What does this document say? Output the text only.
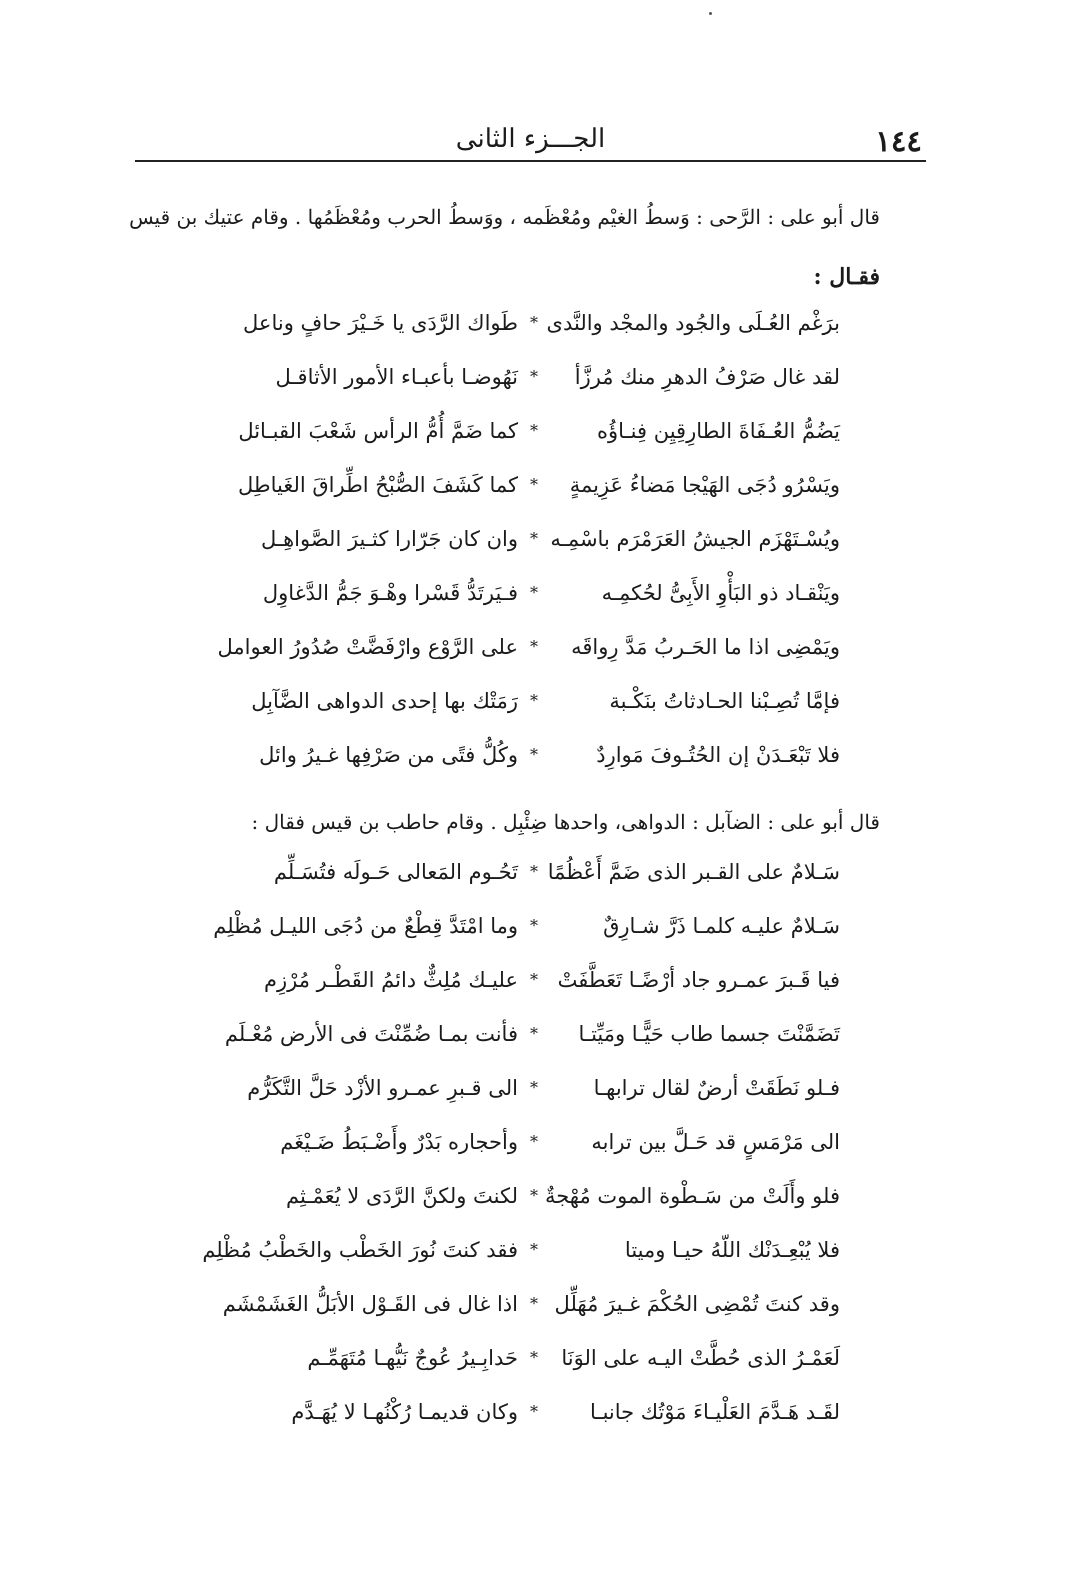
١٤٤
الجـــزء الثانى
قال أبو على : الرَّحى : وَسطُ الغيْم ومُعْظَمه ، ووَسطُ الحرب ومُعْظَمُها . وقام عتيك بن قيس
فقـال :
برَغْم العُـلَى والجُود والمجْد والنَّدى
*
طَواك الرَّدَى يا خَـيْرَ حافٍ وناعل
لقد غال صَرْفُ الدهرِ منك مُرزَّأ
*
نَهُوضـا بأعبـاء الأمور الأثاقـل
يَضُمُّ العُـفَاةَ الطارِقِيِن فِنـاؤُه
*
كما ضَمَّ أُمُّ الرأس شَعْبَ القبـائل
ويَسْرُو دُجَى الهَيْجا مَضاءُ عَزِيمةٍ
*
كما كَشَفَ الصُّبْحُ اطِّراقَ الغَياطِل
ويُسْـتَهْزَم الجيشُ العَرَمْرَم باسْمِـه
*
وان كان جَرّارا كثـيرَ الصَّواهِـل
ويَنْقـاد ذو البَأْوِ الأَبِىُّ لحُكمِـه
*
فـيَرتَدُّ قَسْرا وهْـوَ جَمُّ الدَّغاوِل
ويَمْضِى اذا ما الحَـربُ مَدَّ رِواقَه
*
على الرَّوْع وارْفَضَّتْ صُدُورُ العوامل
فإمَّا تُصِـبْنا الحـادثاتُ بنَكْـبة
*
رَمَتْك بها إحدى الدواهى الضَّآبِل
فلا تَبْعَـدَنْ إن الحُتُـوفَ مَوارِدٌ
*
وكُلُّ فتًى من صَرْفِها غـيرُ وائل
قال أبو على : الضآبل : الدواهى، واحدها ضِئْبِل . وقام حاطب بن قيس فقال :
سَـلامٌ على القـبر الذى ضَمَّ أَعْظُمًا
*
تَحُـوم المَعالى حَـولَه فتُسَـلِّم
سَـلامٌ عليـه كلمـا ذَرَّ شـارِقٌ
*
وما امْتَدَّ قِطْعٌ من دُجَى الليـل مُظْلِم
فيا قَـبرَ عمـرو جاد أرْضًـا تَعَطَّفَتْ
*
عليـك مُلِثٌّ دائمُ القَطْـر مُرْزِم
تَضَمَّنْتَ جسما طاب حَيًّـا ومَيِّتـا
*
فأنت بمـا ضُمِّنْتَ فى الأرض مُعْـلَم
فـلو نَطَقَتْ أرضٌ لقال ترابهـا
*
الى قـبرِ عمـرو الأزْد حَلَّ التَّكَرُّم
الى مَرْمَسٍ قد حَـلَّ بين ترابه
*
وأحجاره بَدْرٌ وأَضْـبَطُ ضَـيْغَم
فلو وأَلَتْ من سَـطْوة الموت مُهْجةٌ
*
لكنتَ ولكنَّ الرَّدَى لا يُعَمْـثِم
فلا يُبْعِـدَنْك اللّهُ حيـا وميتا
*
فقد كنتَ نُورَ الخَطْب والخَطْبُ مُظْلِم
وقد كنتَ تُمْضِى الحُكْمَ غـيرَ مُهَلِّل
*
اذا غال فى القَـوْل الأبَلُّ الغَشَمْشَم
لَعَمْـرُ الذى حُطَّتْ اليـه على الوَنَا
*
حَدابِـيرُ عُوجٌ نَيُّهـا مُتَهَمِّـم
لقَـد هَـدَّمَ العَلْيـاءَ مَوْتُك جانبـا
*
وكان قديمـا رُكْنُهـا لا يُهَـدَّم
